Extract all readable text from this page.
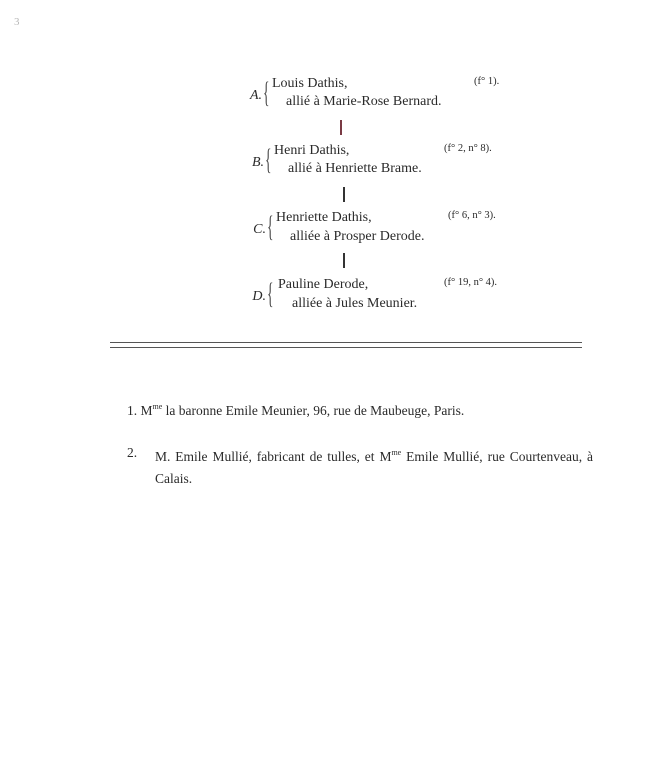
3
A. { Louis Dathis,
allié à Marie-Rose Bernard.
(f° 1).
B. { Henri Dathis,
allié à Henriette Brame.
(f° 2, n° 8).
C. { Henriette Dathis,
alliée à Prosper Derode.
(f° 6, n° 3).
D. { Pauline Derode,
alliée à Jules Meunier.
(f° 19, n° 4).
1. $M^{me}$ la baronne Emile Meunier, 96, rue de Maubeuge, Paris.
2. M. Emile Mullié, fabricant de tulles, et $M^{me}$ Emile Mullié, rue Courtenveau, à Calais.
